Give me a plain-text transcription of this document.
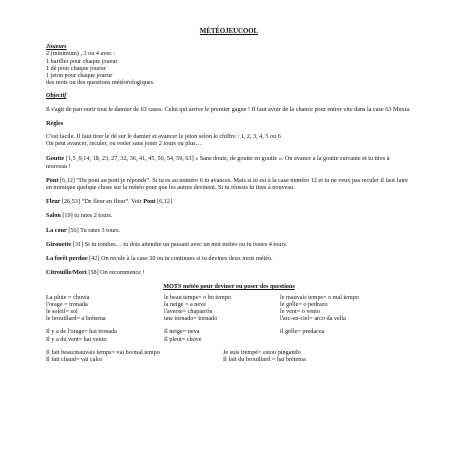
MÉTÉOJEUCOOL
Joueurs
2 (minimum) , 3 ou 4 avec :
1 barillet pour chaque joueur
1 dé pour chaque joueur
1 jeton pour chaque joueur
des mots ou des questions météorologiques.
Objectif

Il s'agit de parcourir tout le damier de 63 cases. Celui qui arrive le premier gagne ! Il faut avoir de la chance pour entrer vite dans la case 63 Muxia.

Règles
C'est facile. Il faut tirer le dé sur le damier et avancer le jeton selon le chiffre : 1, 2, 3, 4, 5 ou 6
On peut avancer, reculer, ou rester sans jouer 2 tours ou plus…

Goutte [1,5 ,9,14, 18, 23, 27, 32, 36, 41, 45, 50, 54, 59, 63] « Sans doute, de goutte en goutte ». On avance à la goutte suivante et tu tires à nouveau !

Pont [6,12] “Du pont au pont je réponds”. Si tu es au numéro 6 tu avances. Mais si tu est à la case numéro 12 et tu ne veux pas reculer il faut faire en mimique quelque chose sur la météo pour que les autres devinent. Si tu réussis tu tires à nouveau.

Fleur [26,53] “De fleur en fleur”. Voir Pont [6,12]

Salon [19] tu rates 2 tours.

La cour [56] Tu rates 3 tours.

Girouette [31] Si tu tombes… tu dois attendre un passant avec un mot météo ou tu restes 4 tours.

La forêt perdue [42] On recule à la case 30 ou tu continues si tu devines deux mots météo.

Citrouille/Mort [58] On recommence !

MOTS météo pour deviner ou poser des questions
La pluie = chuvia	le beau temps= o bo tempo	le mauvais temps= o mal tempo
l'orage = tronada	la neige = a neve	le grêle= o pedrazo
le soleil= sol	l'averse= chaparrón	le vent= o vento
le brouillard= a brétema	une tornado= tornado	l'arc-en-ciel= arco da vella
Il y a de l'orage= hai tronada	Il neige= neva	il grêle= predacea
Il y a du vent= hai vento	Il pleut= chove
Il fait beau/mauvais temps= vai bo/mal tempo	Je suis trempé= estou pingando
Il fait chaud= vai calor	Il fait du brouillard = hai brétema
